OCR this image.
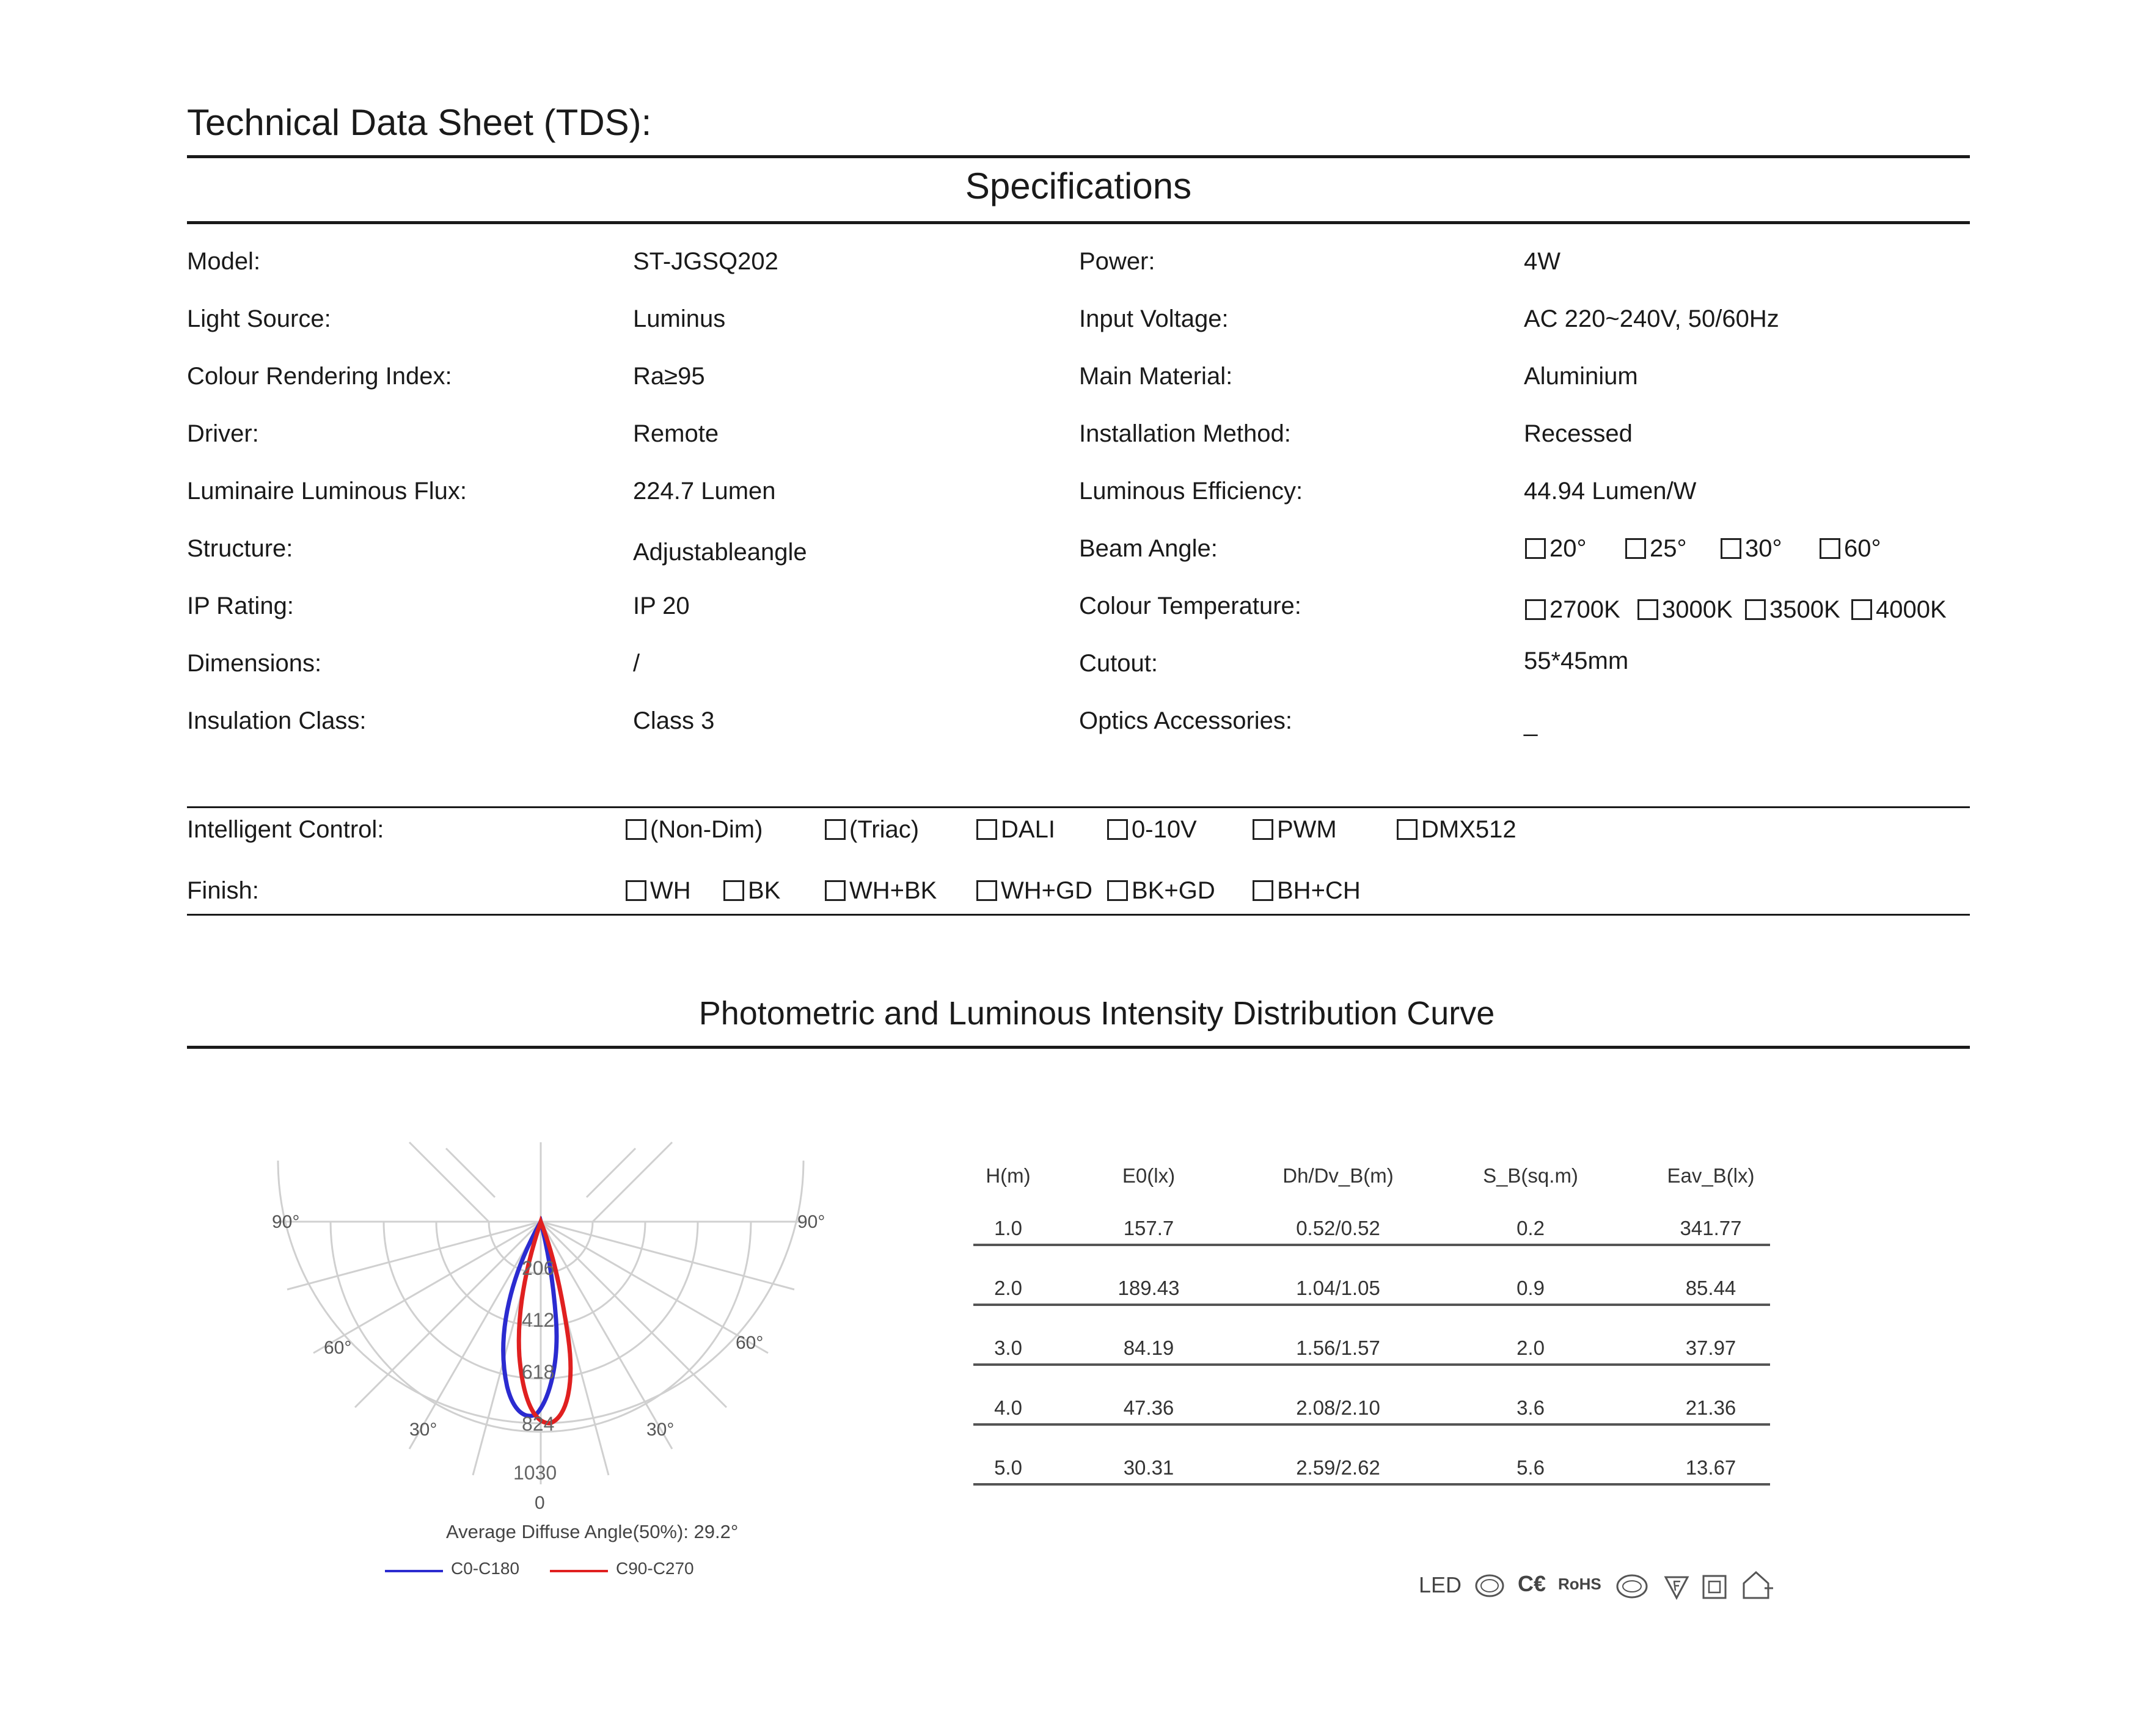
Technical Data Sheet (TDS):
Specifications
Model:	ST-JGSQ202
Light Source:	Luminus
Colour Rendering Index:	Ra≥95
Driver:	Remote
Luminaire Luminous Flux:	224.7 Lumen
Structure:	Adjustableangle
IP Rating:	IP 20
Dimensions:	/
Insulation Class:	Class 3
Power:	4W
Input Voltage:	AC 220~240V, 50/60Hz
Main Material:	Aluminium
Installation Method:	Recessed
Luminous Efficiency:	44.94 Lumen/W
Beam Angle:	20°	25°	30°	60°
Colour Temperature:	2700K	3000K	3500K	4000K
Cutout:	55*45mm
Optics Accessories:	_
Intelligent Control:	(Non-Dim)	(Triac)	DALI	0-10V	PWM	DMX512
Finish:	WH	BK	WH+BK	WH+GD	BK+GD	BH+CH
Photometric and Luminous Intensity Distribution Curve
90°	90°
60°	60°
30°	30°
0
206
412
618
824
1030
Average Diffuse Angle(50%): 29.2°
C0-C180	C90-C270
H(m)	E0(lx)	Dh/Dv_B(m)	S_B(sq.m)	Eav_B(lx)
1.0	157.7	0.52/0.52	0.2	341.77
2.0	189.43	1.04/1.05	0.9	85.44
3.0	84.19	1.56/1.57	2.0	37.97
4.0	47.36	2.08/2.10	3.6	21.36
5.0	30.31	2.59/2.62	5.6	13.67
LED	C€ RoHS
